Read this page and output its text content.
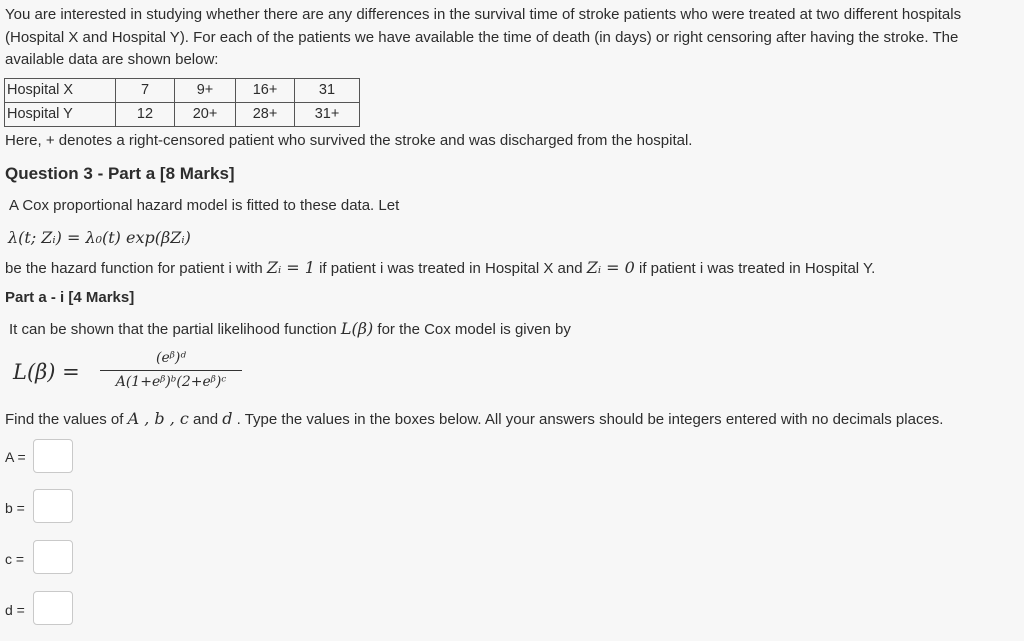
You are interested in studying whether there are any differences in the survival time of stroke patients who were treated at two different hospitals (Hospital X and Hospital Y). For each of the patients we have available the time of death (in days) or right censoring after having the stroke. The available data are shown below:
Hospital X	7	9+	16+	31
Hospital Y	12	20+	28+	31+
Here, + denotes a right-censored patient who survived the stroke and was discharged from the hospital.
Question 3 - Part a [8 Marks]
A Cox proportional hazard model is fitted to these data. Let
λ(t; Zᵢ) = λ₀(t) exp(βZᵢ)
be the hazard function for patient i with Zᵢ = 1 if patient i was treated in Hospital X and Zᵢ = 0 if patient i was treated in Hospital Y.
Part a - i [4 Marks]
It can be shown that the partial likelihood function L(β) for the Cox model is given by
L(β) =
(eᵝ)ᵈ
A(1+eᵝ)ᵇ(2+eᵝ)ᶜ
Find the values of A , b , c and d . Type the values in the boxes below. All your answers should be integers entered with no decimals places.
A =
b =
c =
d =
